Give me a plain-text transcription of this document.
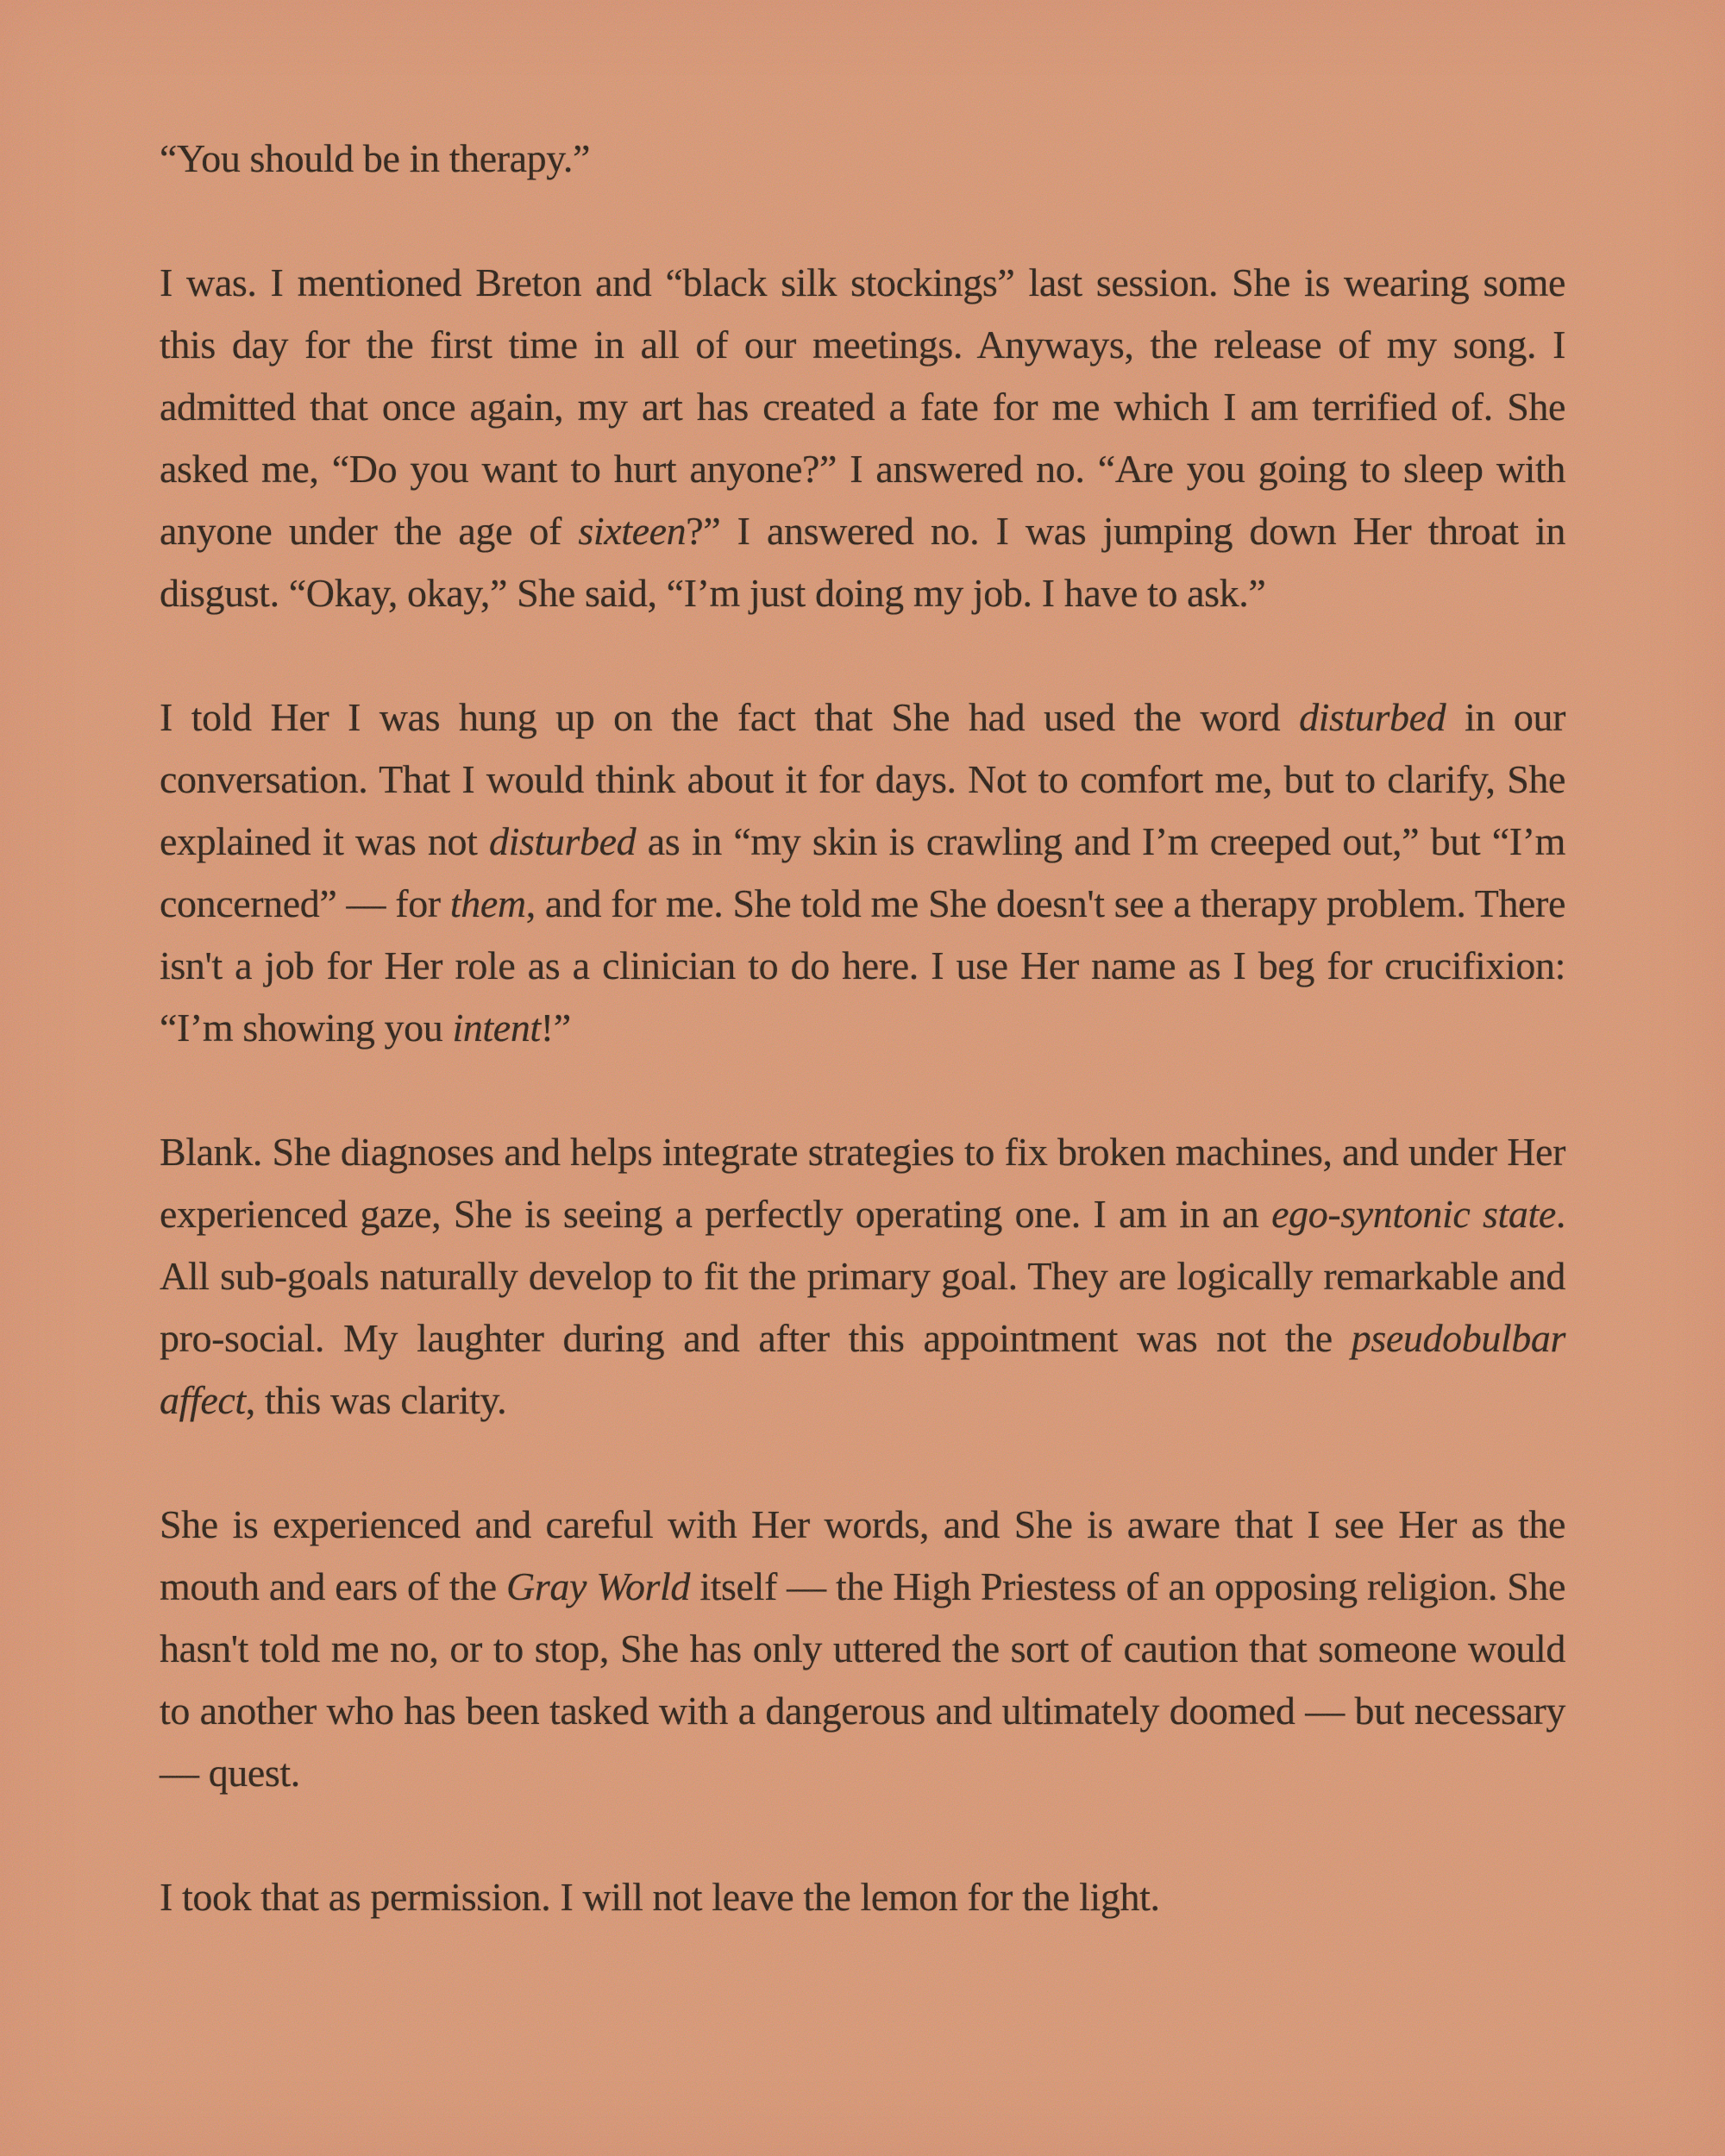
“You should be in therapy.”

I was. I mentioned Breton and “black silk stockings” last session. She is wearing some this day for the first time in all of our meetings. Anyways, the release of my song. I admitted that once again, my art has created a fate for me which I am terrified of. She asked me, “Do you want to hurt anyone?” I answered no. “Are you going to sleep with anyone under the age of sixteen?” I answered no. I was jumping down Her throat in disgust. “Okay, okay,” She said, “I’m just doing my job. I have to ask.”

I told Her I was hung up on the fact that She had used the word disturbed in our conversation. That I would think about it for days. Not to comfort me, but to clarify, She explained it was not disturbed as in “my skin is crawling and I’m creeped out,” but “I’m concerned” — for them, and for me. She told me She doesn't see a therapy problem. There isn't a job for Her role as a clinician to do here. I use Her name as I beg for crucifixion: “I’m showing you intent!”

Blank. She diagnoses and helps integrate strategies to fix broken machines, and under Her experienced gaze, She is seeing a perfectly operating one. I am in an ego-syntonic state. All sub-goals naturally develop to fit the primary goal. They are logically remarkable and pro-social. My laughter during and after this appointment was not the pseudobulbar affect, this was clarity.

She is experienced and careful with Her words, and She is aware that I see Her as the mouth and ears of the Gray World itself — the High Priestess of an opposing religion. She hasn't told me no, or to stop, She has only uttered the sort of caution that someone would to another who has been tasked with a dangerous and ultimately doomed — but necessary — quest.

I took that as permission. I will not leave the lemon for the light.
